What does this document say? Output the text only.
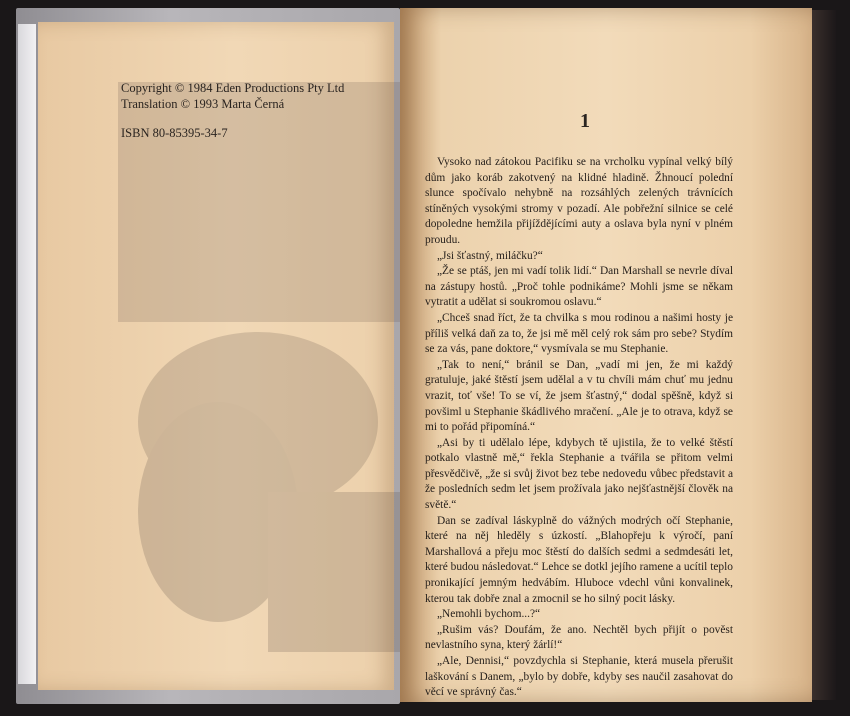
Copyright © 1984 Eden Productions Pty Ltd
Translation © 1993 Marta Černá
ISBN 80-85395-34-7
1

Vysoko nad zátokou Pacifiku se na vrcholku vypínal velký bílý dům jako koráb zakotvený na klidné hladině. Žhnoucí polední slunce spočívalo nehybně na rozsáhlých zelených trávnících stíněných vysokými stromy v pozadí. Ale pobřežní silnice se celé dopoledne hemžila přijíždějícími auty a oslava byla nyní v plném proudu.

„Jsi šťastný, miláčku?“

„Že se ptáš, jen mi vadí tolik lidí.“ Dan Marshall se nevrle díval na zástupy hostů. „Proč tohle podnikáme? Mohli jsme se někam vytratit a udělat si soukromou oslavu.“

„Chceš snad říct, že ta chvilka s mou rodinou a našimi hosty je příliš velká daň za to, že jsi mě měl celý rok sám pro sebe? Stydím se za vás, pane doktore,“ vysmívala se mu Stephanie.

„Tak to není,“ bránil se Dan, „vadí mi jen, že mi každý gratuluje, jaké štěstí jsem udělal a v tu chvíli mám chuť mu jednu vrazit, toť vše! To se ví, že jsem šťastný,“ dodal spěšně, když si povšiml u Stephanie škádlivého mračení. „Ale je to otrava, když se mi to pořád připomíná.“

„Asi by ti udělalo lépe, kdybych tě ujistila, že to velké štěstí potkalo vlastně mě,“ řekla Stephanie a tvářila se přitom velmi přesvědčivě, „že si svůj život bez tebe nedovedu vůbec představit a že posledních sedm let jsem prožívala jako nejšťastnější člověk na světě.“

Dan se zadíval láskyplně do vážných modrých očí Stephanie, které na něj hleděly s úzkostí. „Blahopřeju k výročí, paní Marshallová a přeju moc štěstí do dalších sedmi a sedmdesáti let, které budou následovat.“ Lehce se dotkl jejího ramene a ucítil teplo pronikající jemným hedvábím. Hluboce vdechl vůni konvalinek, kterou tak dobře znal a zmocnil se ho silný pocit lásky.

„Nemohli bychom...?“

„Rušim vás? Doufám, že ano. Nechtěl bych přijít o pověst nevlastního syna, který žárlí!“

„Ale, Dennisi,“ povzdychla si Stephanie, která musela přerušit laškování s Danem, „bylo by dobře, kdyby ses naučil zasahovat do věcí ve správný čas.“
